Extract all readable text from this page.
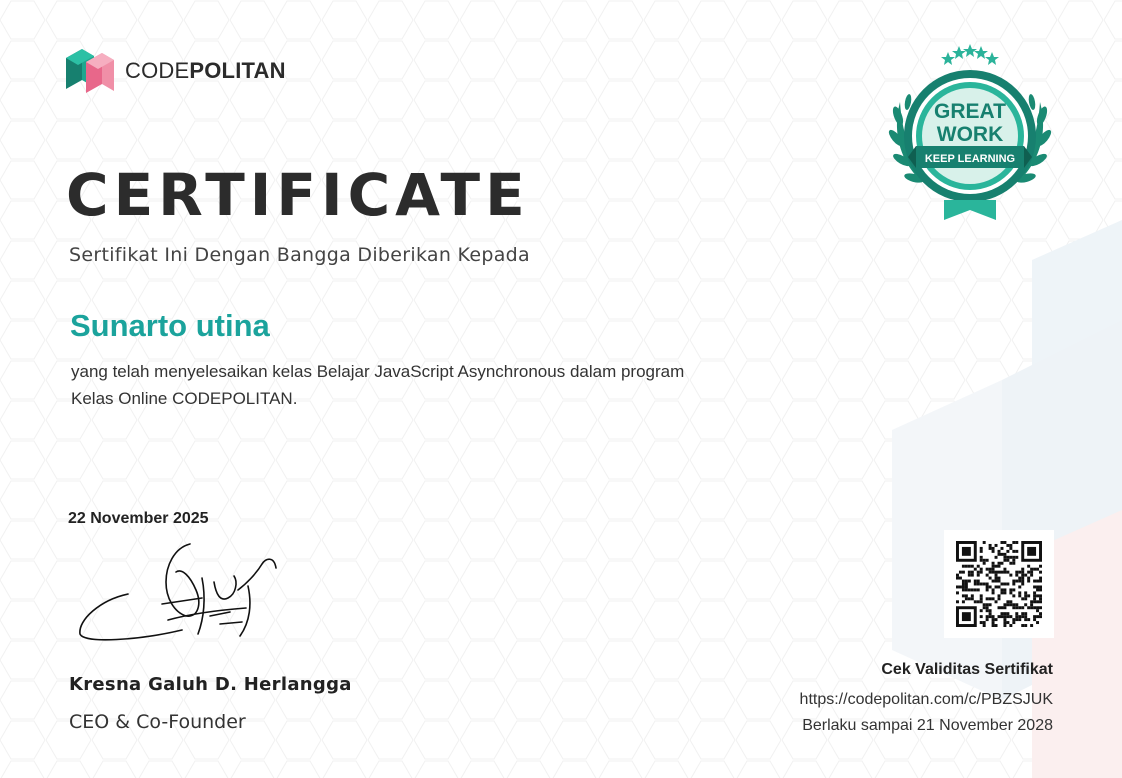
CODEPOLITAN
CERTIFICATE
Sertifikat Ini Dengan Bangga Diberikan Kepada
Sunarto utina
yang telah menyelesaikan kelas Belajar JavaScript Asynchronous dalam program
Kelas Online CODEPOLITAN.
22 November 2025
Kresna Galuh D. Herlangga
CEO & Co-Founder
GREAT
WORK
KEEP LEARNING
Cek Validitas Sertifikat
https://codepolitan.com/c/PBZSJUK
Berlaku sampai 21 November 2028
